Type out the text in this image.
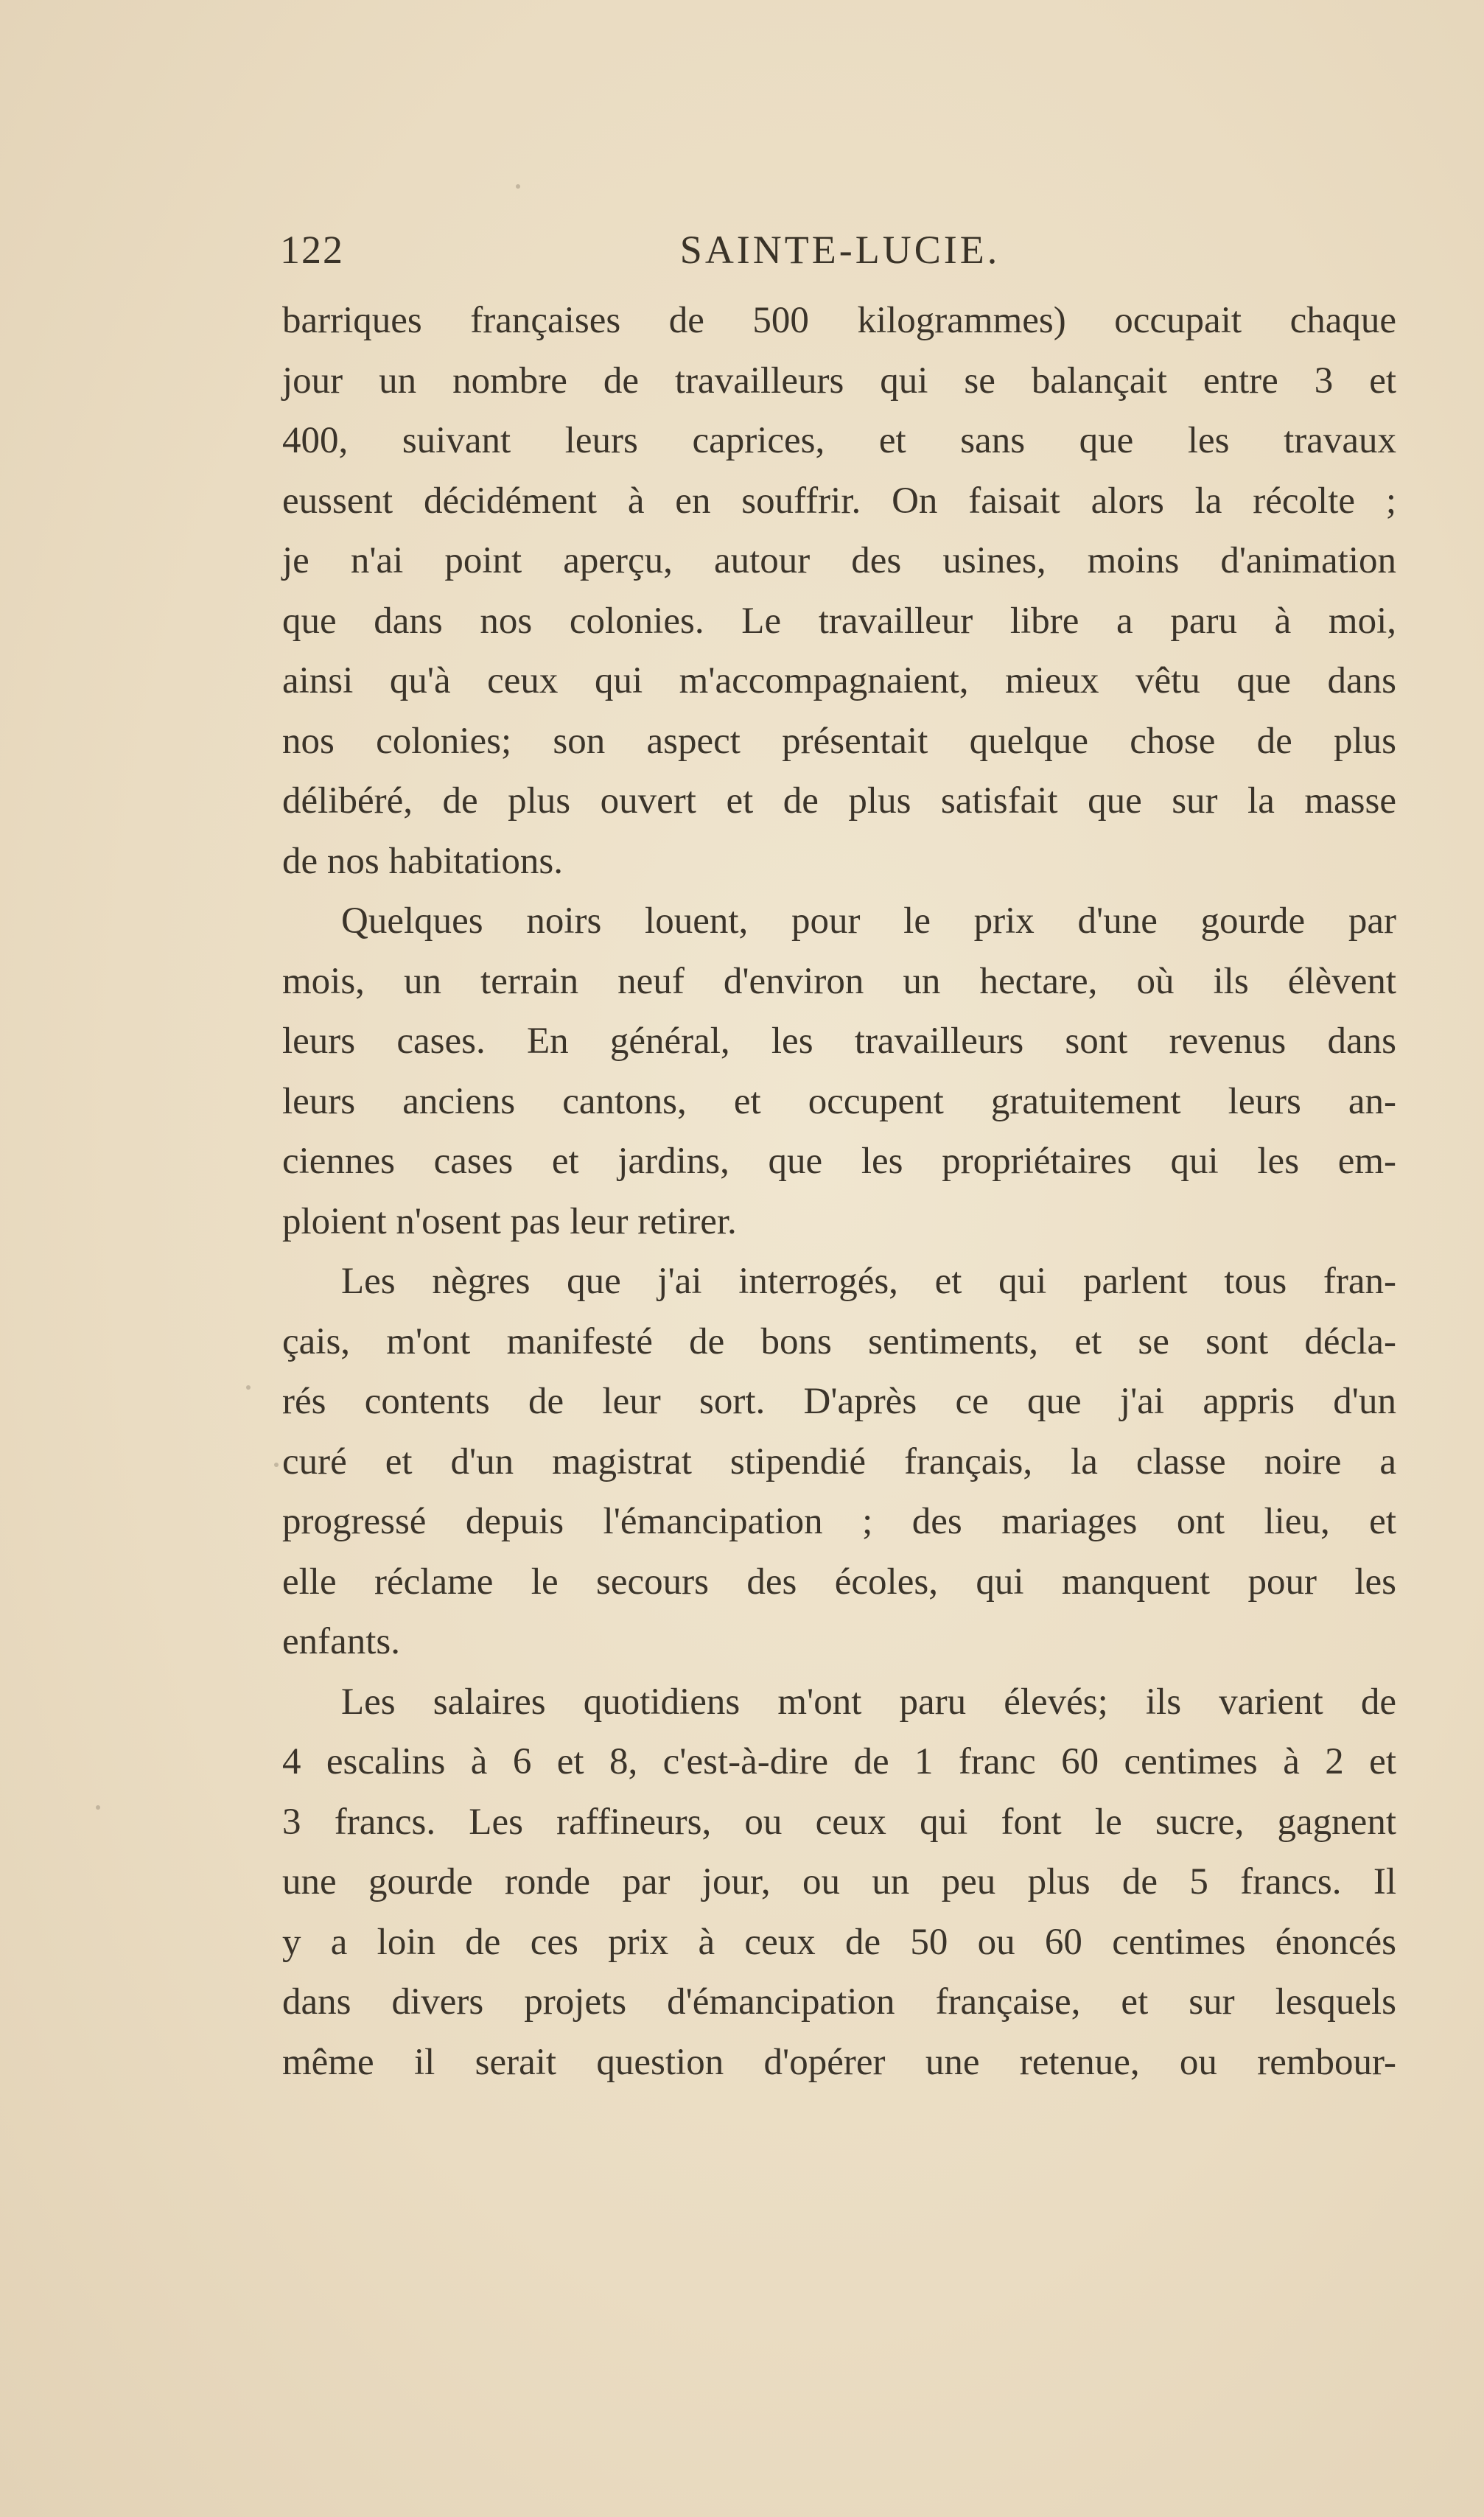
122	SAINTE-LUCIE.
barriques françaises de 500 kilogrammes) occupait chaque
jour un nombre de travailleurs qui se balançait entre 3 et
400, suivant leurs caprices, et sans que les travaux
eussent décidément à en souffrir. On faisait alors la récolte ;
je n'ai point aperçu, autour des usines, moins d'animation
que dans nos colonies. Le travailleur libre a paru à moi,
ainsi qu'à ceux qui m'accompagnaient, mieux vêtu que dans
nos colonies; son aspect présentait quelque chose de plus
délibéré, de plus ouvert et de plus satisfait que sur la masse
de nos habitations.
Quelques noirs louent, pour le prix d'une gourde par
mois, un terrain neuf d'environ un hectare, où ils élèvent
leurs cases. En général, les travailleurs sont revenus dans
leurs anciens cantons, et occupent gratuitement leurs an-
ciennes cases et jardins, que les propriétaires qui les em-
ploient n'osent pas leur retirer.
Les nègres que j'ai interrogés, et qui parlent tous fran-
çais, m'ont manifesté de bons sentiments, et se sont décla-
rés contents de leur sort. D'après ce que j'ai appris d'un
curé et d'un magistrat stipendié français, la classe noire a
progressé depuis l'émancipation ; des mariages ont lieu, et
elle réclame le secours des écoles, qui manquent pour les
enfants.
Les salaires quotidiens m'ont paru élevés; ils varient de
4 escalins à 6 et 8, c'est-à-dire de 1 franc 60 centimes à 2 et
3 francs. Les raffineurs, ou ceux qui font le sucre, gagnent
une gourde ronde par jour, ou un peu plus de 5 francs. Il
y a loin de ces prix à ceux de 50 ou 60 centimes énoncés
dans divers projets d'émancipation française, et sur lesquels
même il serait question d'opérer une retenue, ou rembour-
